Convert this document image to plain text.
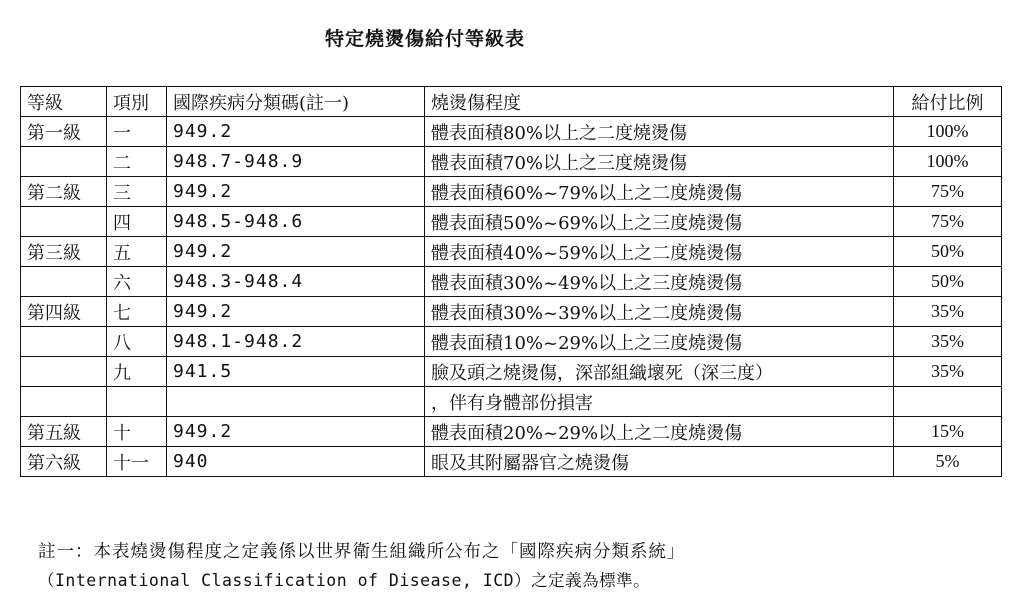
特定燒燙傷給付等級表
等級	項別	國際疾病分類碼(註一)	燒燙傷程度	給付比例
第一級	一	949.2	體表面積80%以上之二度燒燙傷	100%
	二	948.7-948.9	體表面積70%以上之三度燒燙傷	100%
第二級	三	949.2	體表面積60%~79%以上之二度燒燙傷	75%
	四	948.5-948.6	體表面積50%~69%以上之三度燒燙傷	75%
第三級	五	949.2	體表面積40%~59%以上之二度燒燙傷	50%
	六	948.3-948.4	體表面積30%~49%以上之三度燒燙傷	50%
第四級	七	949.2	體表面積30%~39%以上之二度燒燙傷	35%
	八	948.1-948.2	體表面積10%~29%以上之三度燒燙傷	35%
	九	941.5	臉及頭之燒燙傷，深部組織壞死（深三度）	35%
			，伴有身體部份損害	
第五級	十	949.2	體表面積20%~29%以上之二度燒燙傷	15%
第六級	十一	940	眼及其附屬器官之燒燙傷	5%
註一：本表燒燙傷程度之定義係以世界衛生組織所公布之「國際疾病分類系統」
（International Classification of Disease, ICD）之定義為標準。
